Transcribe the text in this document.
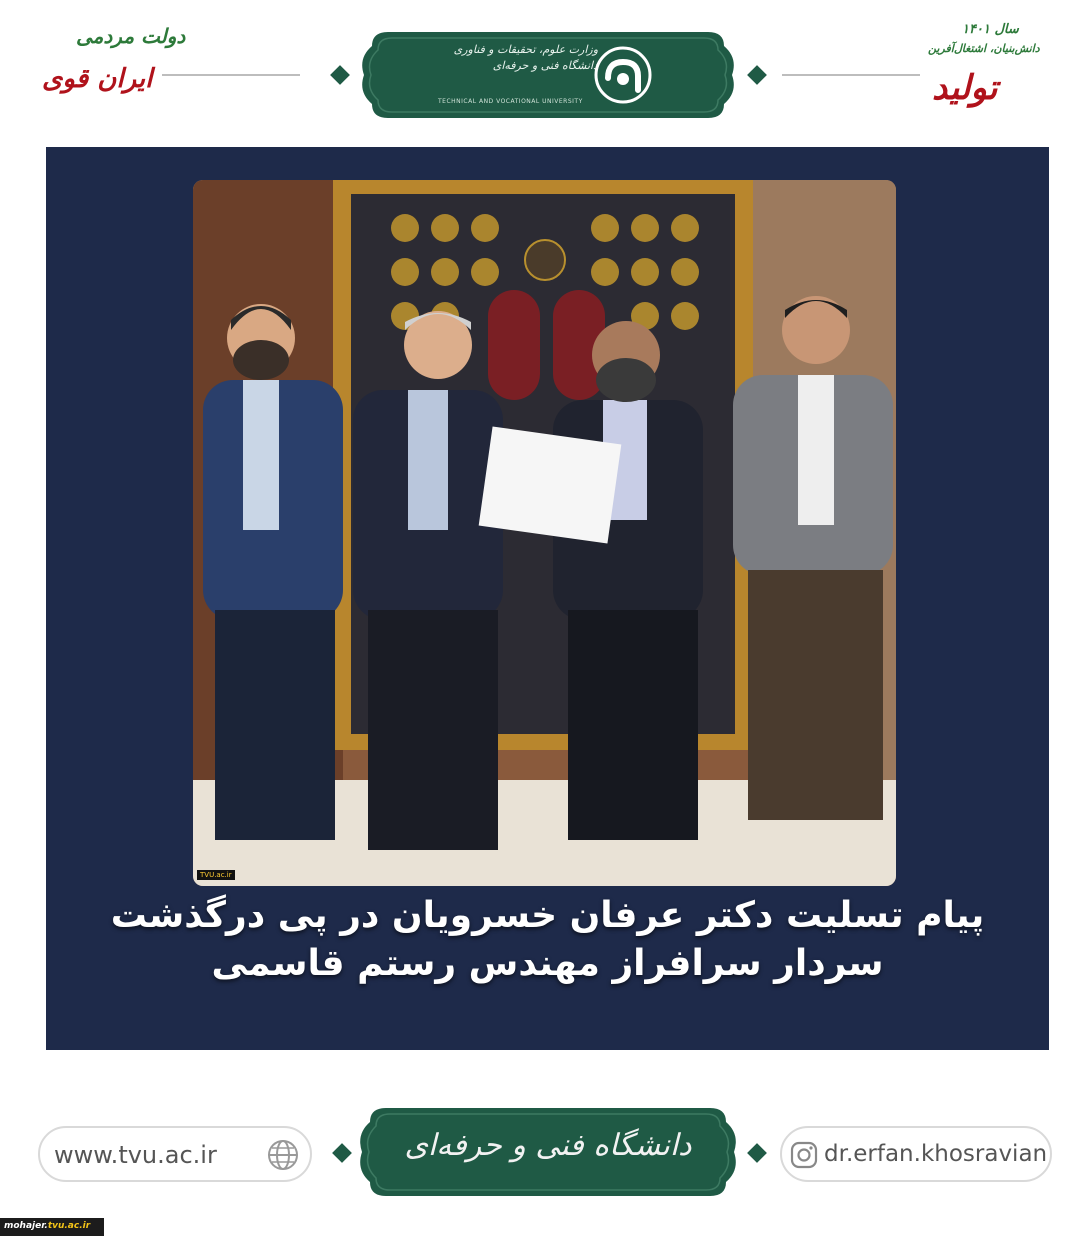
وزارت علوم، تحقیقات و فناوری
دانشگاه فنی و حرفه‌ای
TECHNICAL AND VOCATIONAL UNIVERSITY
دولت مردمی
ایران قوی
سال ۱۴۰۱
دانش‌بنیان، اشتغال‌آفرین
تولید
TVU.ac.ir
پیام تسلیت دکتر عرفان خسرویان در پی درگذشت
سردار سرافراز مهندس رستم قاسمی
www.tvu.ac.ir	دانشگاه فنی و حرفه‌ای	dr.erfan.khosravian
mohajer.tvu.ac.ir
